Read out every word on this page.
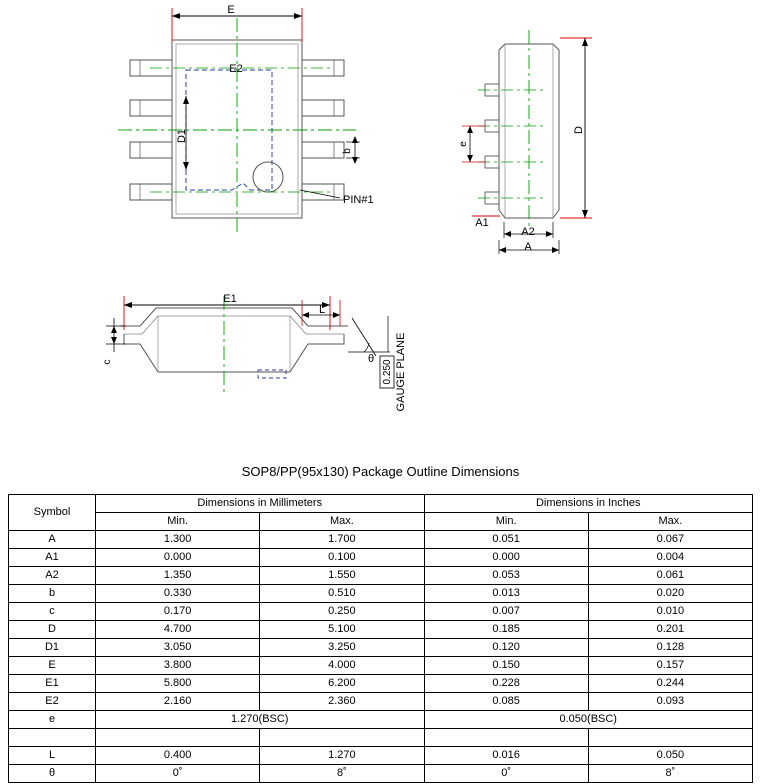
E
E2
D1
b
PIN#1
D
e
A1
A2
A
E1
L
c	θ
0.250 GAUGE PLANE
SOP8/PP(95x130) Package Outline Dimensions
Symbol	Dimensions in Millimeters		Dimensions in Inches	
	Min.	Max.	Min.	Max.
A	1.300	1.700	0.051	0.067
A1	0.000	0.100	0.000	0.004
A2	1.350	1.550	0.053	0.061
b	0.330	0.510	0.013	0.020
c	0.170	0.250	0.007	0.010
D	4.700	5.100	0.185	0.201
D1	3.050	3.250	0.120	0.128
E	3.800	4.000	0.150	0.157
E1	5.800	6.200	0.228	0.244
E2	2.160	2.360	0.085	0.093
e	1.270(BSC)		0.050(BSC)	

L	0.400	1.270	0.016	0.050
θ	0˚	8˚	0˚	8˚
